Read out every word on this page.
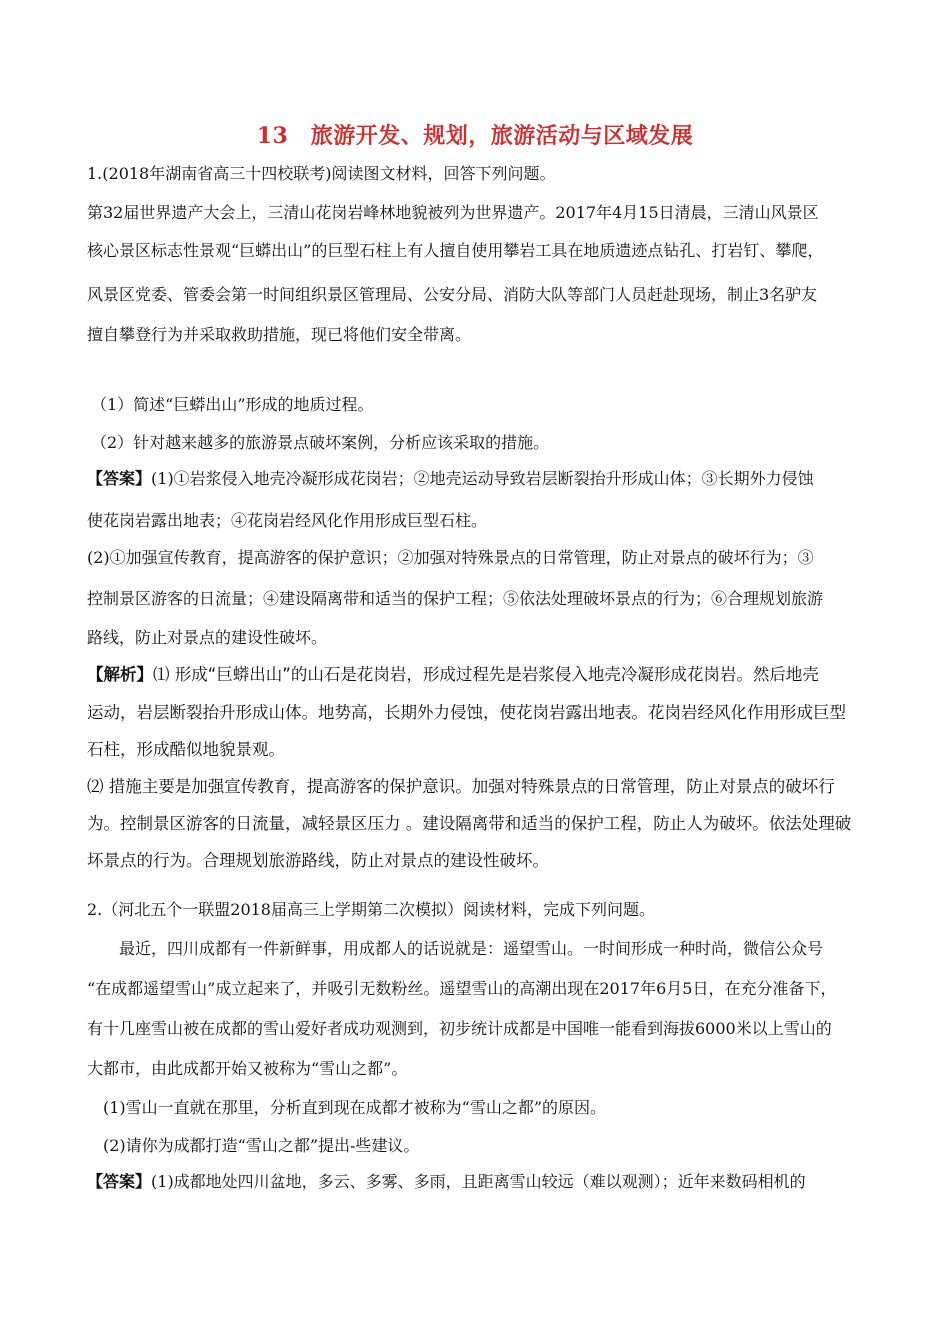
13　旅游开发、规划，旅游活动与区域发展
1.(2018年湖南省高三十四校联考)阅读图文材料，回答下列问题。
第32届世界遗产大会上，三清山花岗岩峰林地貌被列为世界遗产。2017年4月15日清晨，三清山风景区
核心景区标志性景观“巨蟒出山”的巨型石柱上有人擅自使用攀岩工具在地质遗迹点钻孔、打岩钉、攀爬，
风景区党委、管委会第一时间组织景区管理局、公安分局、消防大队等部门人员赶赴现场，制止3名驴友
擅自攀登行为并采取救助措施，现已将他们安全带离。
（1）简述“巨蟒出山”形成的地质过程。
（2）针对越来越多的旅游景点破坏案例，分析应该采取的措施。
【答案】(1)①岩浆侵入地壳冷凝形成花岗岩；②地壳运动导致岩层断裂抬升形成山体；③长期外力侵蚀
使花岗岩露出地表；④花岗岩经风化作用形成巨型石柱。
(2)①加强宣传教育，提高游客的保护意识；②加强对特殊景点的日常管理，防止对景点的破坏行为；③
控制景区游客的日流量；④建设隔离带和适当的保护工程；⑤依法处理破坏景点的行为；⑥合理规划旅游
路线，防止对景点的建设性破坏。
【解析】⑴ 形成“巨蟒出山”的山石是花岗岩，形成过程先是岩浆侵入地壳冷凝形成花岗岩。然后地壳
运动，岩层断裂抬升形成山体。地势高，长期外力侵蚀，使花岗岩露出地表。花岗岩经风化作用形成巨型
石柱，形成酷似地貌景观。
⑵ 措施主要是加强宣传教育，提高游客的保护意识。加强对特殊景点的日常管理，防止对景点的破坏行
为。控制景区游客的日流量，减轻景区压力 。建设隔离带和适当的保护工程，防止人为破坏。依法处理破
坏景点的行为。合理规划旅游路线，防止对景点的建设性破坏。
2.（河北五个一联盟2018届高三上学期第二次模拟）阅读材料，完成下列问题。
最近，四川成都有一件新鲜事，用成都人的话说就是：遥望雪山。一时间形成一种时尚，微信公众号
“在成都遥望雪山”成立起来了，并吸引无数粉丝。遥望雪山的高潮出现在2017年6月5日，在充分准备下，
有十几座雪山被在成都的雪山爱好者成功观测到，初步统计成都是中国唯一能看到海拔6000米以上雪山的
大都市，由此成都开始又被称为“雪山之都”。
(1)雪山一直就在那里，分析直到现在成都才被称为“雪山之都”的原因。
(2)请你为成都打造“雪山之都”提出-些建议。
【答案】(1)成都地处四川盆地，多云、多雾、多雨，且距离雪山较远（难以观测）；近年来数码相机的
